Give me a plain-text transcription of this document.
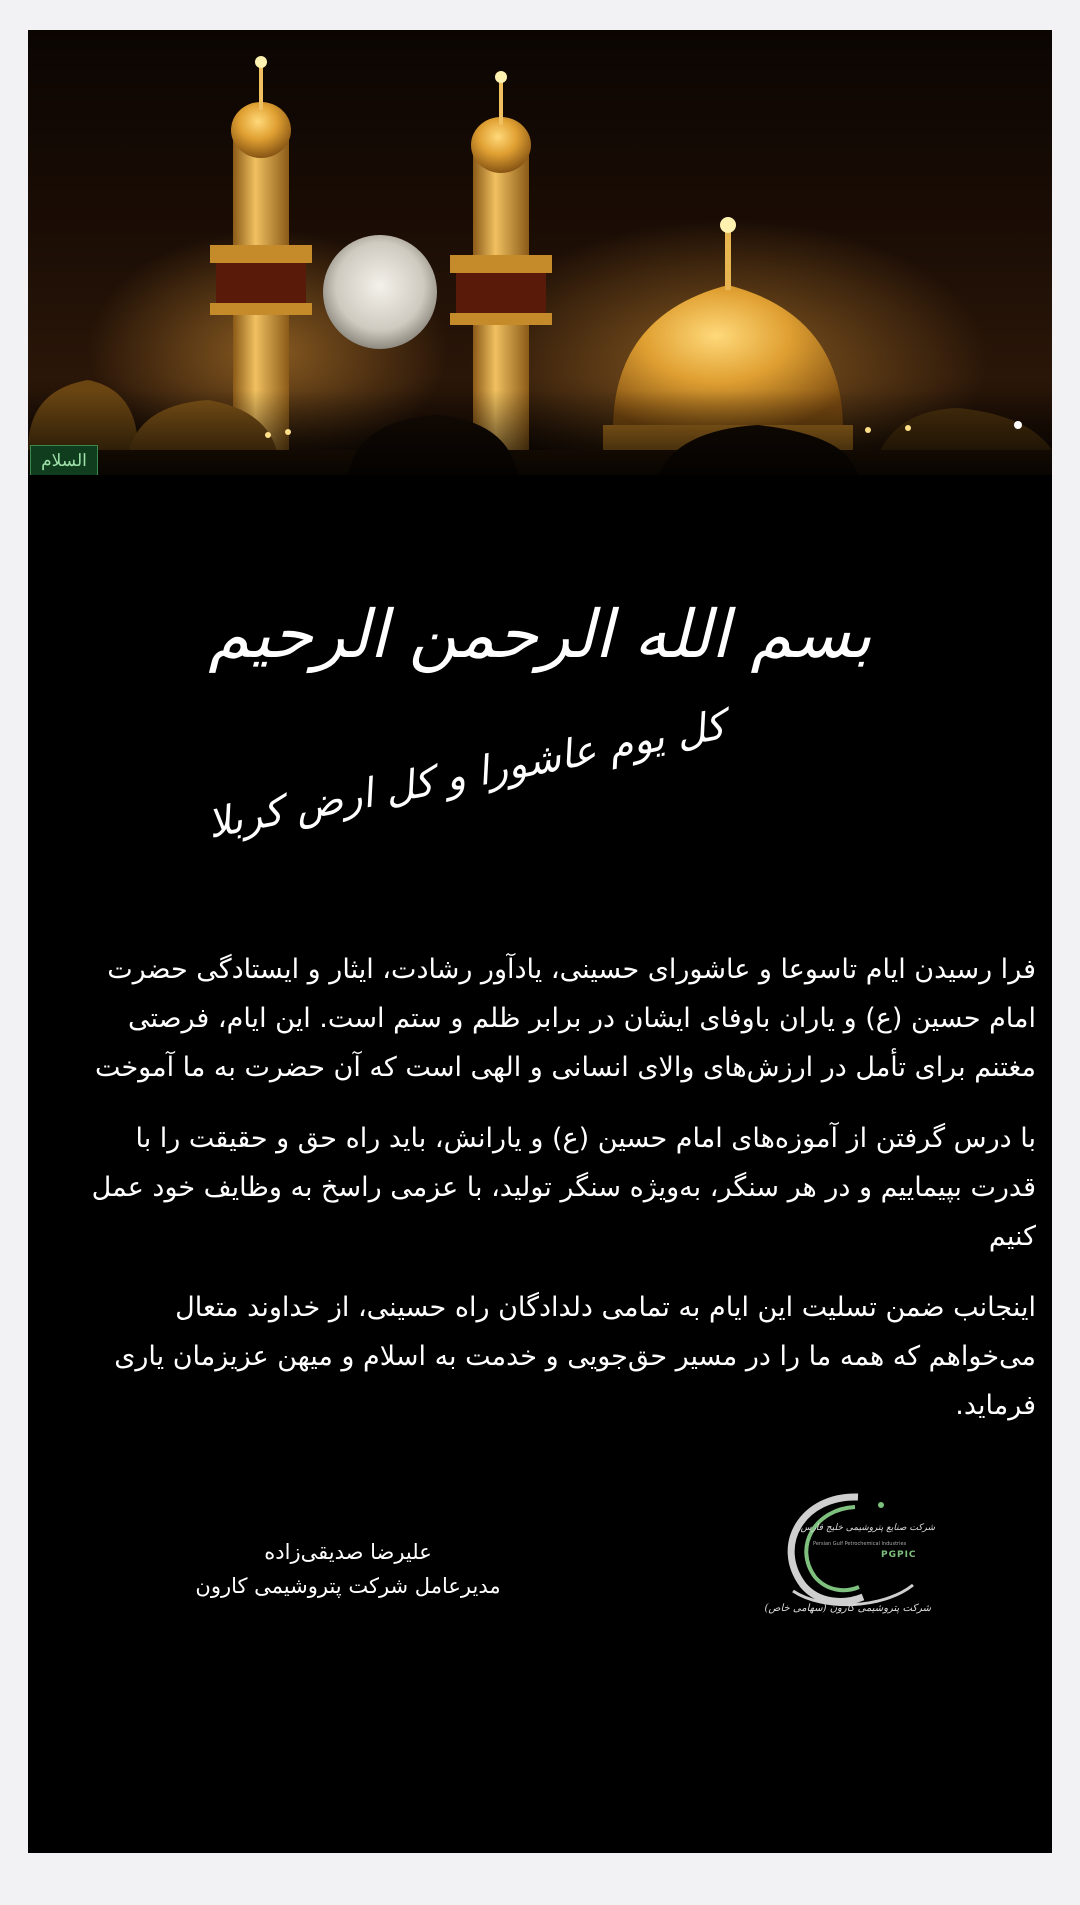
السلام
بسم الله الرحمن الرحیم
کل یوم عاشورا و کل ارض کربلا

فرا رسیدن ایام تاسوعا و عاشورای حسینی، یادآور رشادت، ایثار و ایستادگی حضرت امام حسین (ع) و یاران باوفای ایشان در برابر ظلم و ستم است. این ایام، فرصتی مغتنم برای تأمل در ارزش‌های والای انسانی و الهی است که آن حضرت به ما آموخت

با درس گرفتن از آموزه‌های امام حسین (ع) و یارانش، باید راه حق و حقیقت را با قدرت بپیماییم و در هر سنگر، به‌ویژه سنگر تولید، با عزمی راسخ به وظایف خود عمل کنیم

اینجانب ضمن تسلیت این ایام به تمامی دلدادگان راه حسینی، از خداوند متعال می‌خواهم که همه ما را در مسیر حق‌جویی و خدمت به اسلام و میهن عزیزمان یاری فرماید.

علیرضا صدیقی‌زاده
مدیرعامل شرکت پتروشیمی کارون
شرکت صنایع پتروشیمی خلیج فارس
Persian Gulf Petrochemical Industries
PGPIC
شرکت پتروشیمی کارون (سهامی خاص)
